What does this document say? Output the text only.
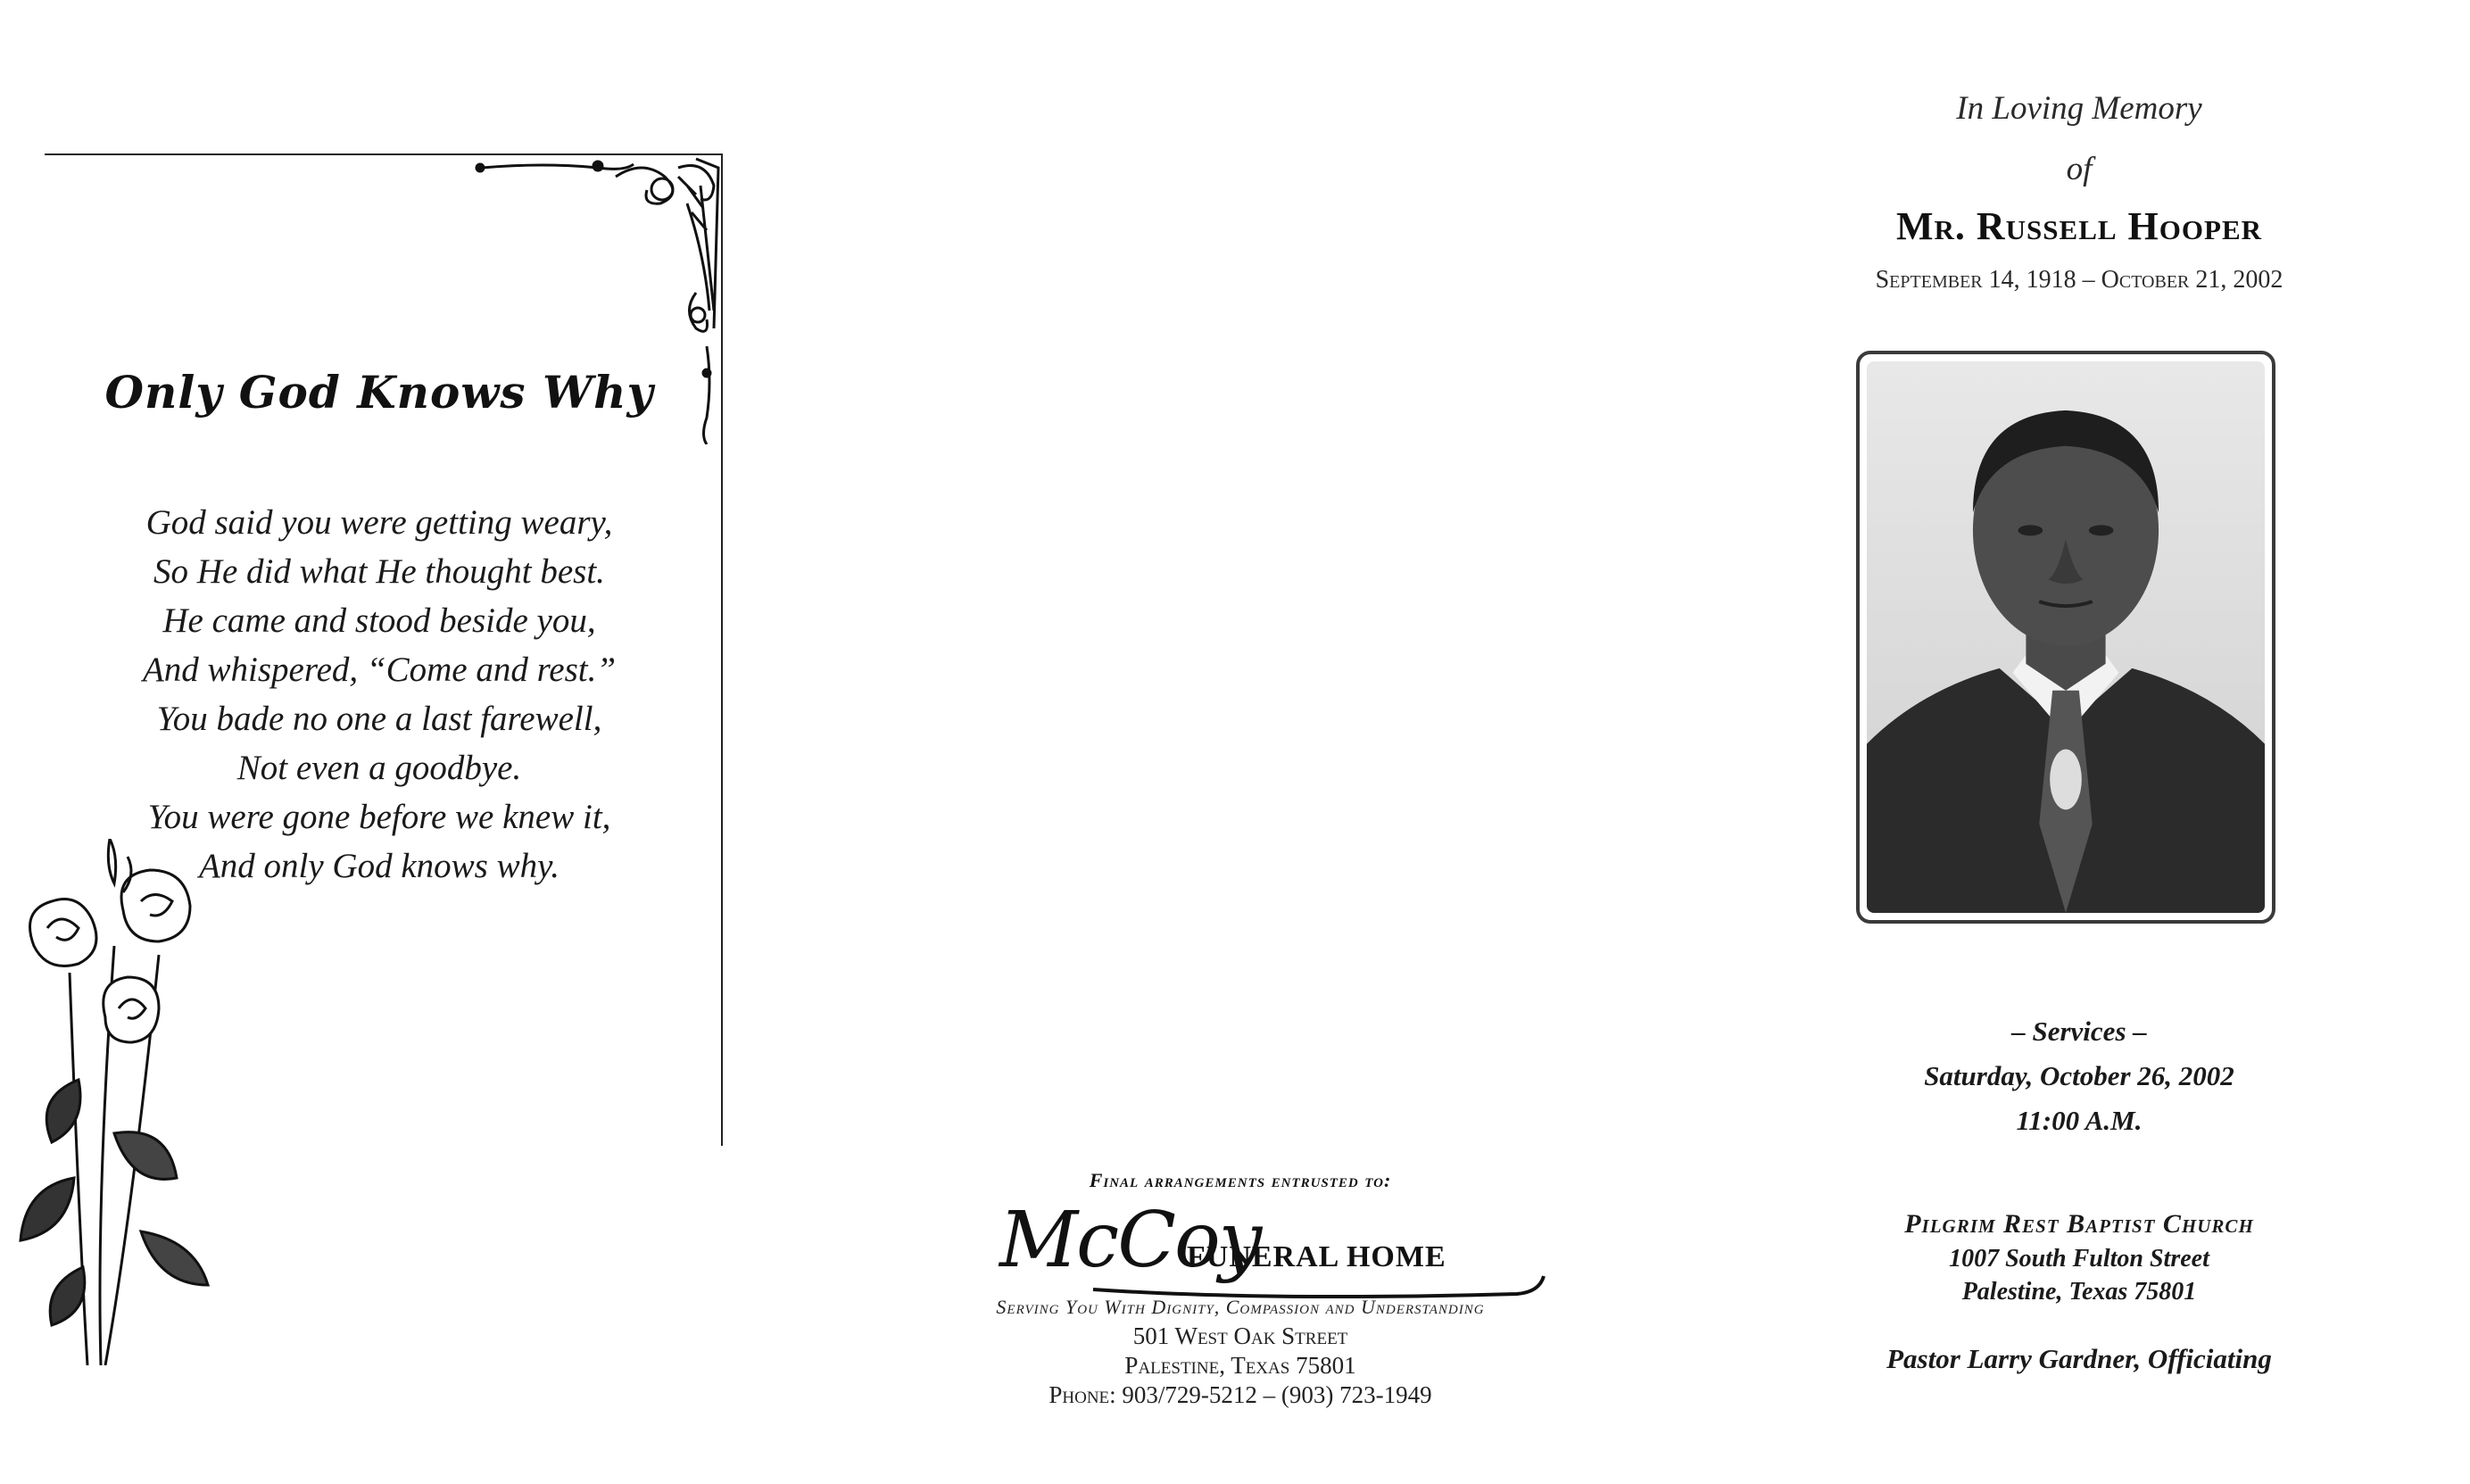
Only God Knows Why
God said you were getting weary,
So He did what He thought best.
He came and stood beside you,
And whispered, “Come and rest.”
You bade no one a last farewell,
Not even a goodbye.
You were gone before we knew it,
And only God knows why.
Final arrangements entrusted to:
McCoy
FUNERAL HOME
Serving You With Dignity, Compassion and Understanding
501 West Oak Street
Palestine, Texas 75801
Phone: 903/729-5212 – (903) 723-1949
In Loving Memory
of
Mr. Russell Hooper
September 14, 1918 – October 21, 2002
– Services –
Saturday, October 26, 2002
11:00 A.M.
Pilgrim Rest Baptist Church
1007 South Fulton Street
Palestine, Texas 75801
Pastor Larry Gardner, Officiating
